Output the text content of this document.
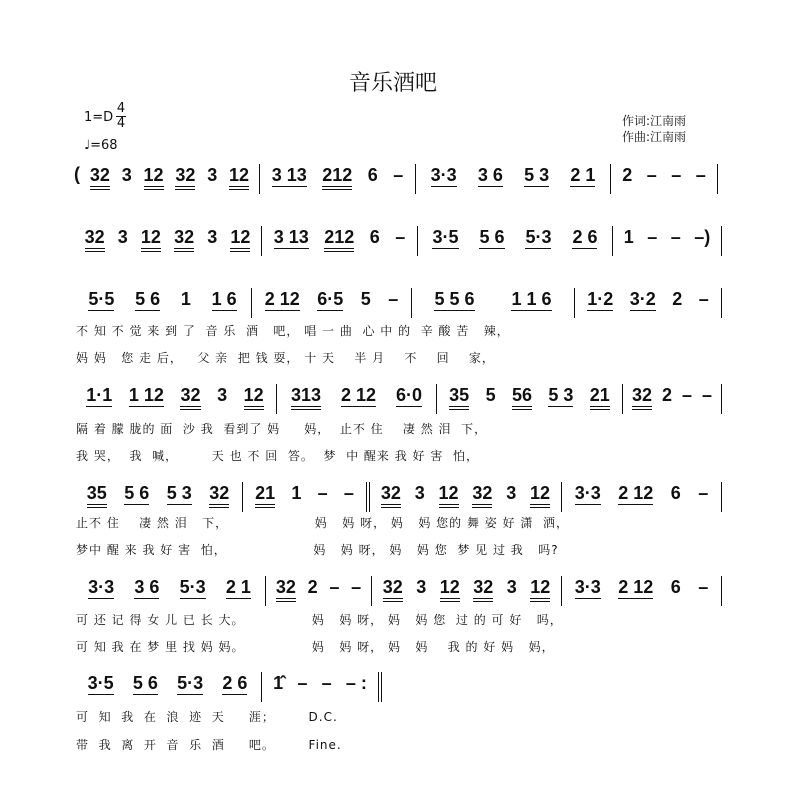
音乐酒吧
1=D
4
4
♩=68
作词:江南雨
作曲:江南雨
( 32 3 12 32 3 12 3 13 212 6 – 3·3 3 6 5 3 2 1 2 – – –
32 3 12 32 3 12 3 13 212 6 – 3·5 5 6 5·3 2 6 1 – – –)
5·5 5 6 1 1 6 2 12 6·5 5 – 5 5 6 1 1 6 1·2 3·2 2 –
1·1 1 12 32 3 12 313 2 12 6·0 35 5 56 5 3 21 32 2 – –
35 5 6 5 3 32 21 1 – – 32 3 12 32 3 12 3·3 2 12 6 –
3·3 3 6 5·3 2 1 32 2 – – 32 3 12 32 3 12 3·3 2 12 6 –
3·5 5 6 5·3 2 6 1̂ – – – :
不 知 不 觉 来 到 了  音 乐  酒   吧， 唱 一 曲  心 中 的  辛 酸 苦   辣，
妈 妈   您 走 后，   父 亲  把 钱 耍， 十 天    半 月    不    回    家，
隔 着 朦 胧的 面  沙 我  看到了 妈     妈，  止不 住    凄 然 泪  下，
我 哭，  我  喊，       天 也 不 回  答。  梦  中 醒来 我 好 害  怕，
止不 住    凄 然 泪   下，                  妈   妈 呀， 妈   妈 您的 舞 姿 好 潇  洒，
梦中 醒 来 我 好 害  怕，                  妈   妈 呀， 妈   妈 您  梦 见 过 我   吗?
可 还 记 得 女 儿 已 长 大。              妈   妈 呀， 妈   妈 您  过 的 可 好   吗，
可 知 我 在 梦 里 找 妈 妈。              妈   妈 呀， 妈   妈    我 的 好 妈   妈，
可  知  我  在  浪  迹  天     涯；       D.C.
带  我  离  开  音  乐  酒     吧。       Fine.
